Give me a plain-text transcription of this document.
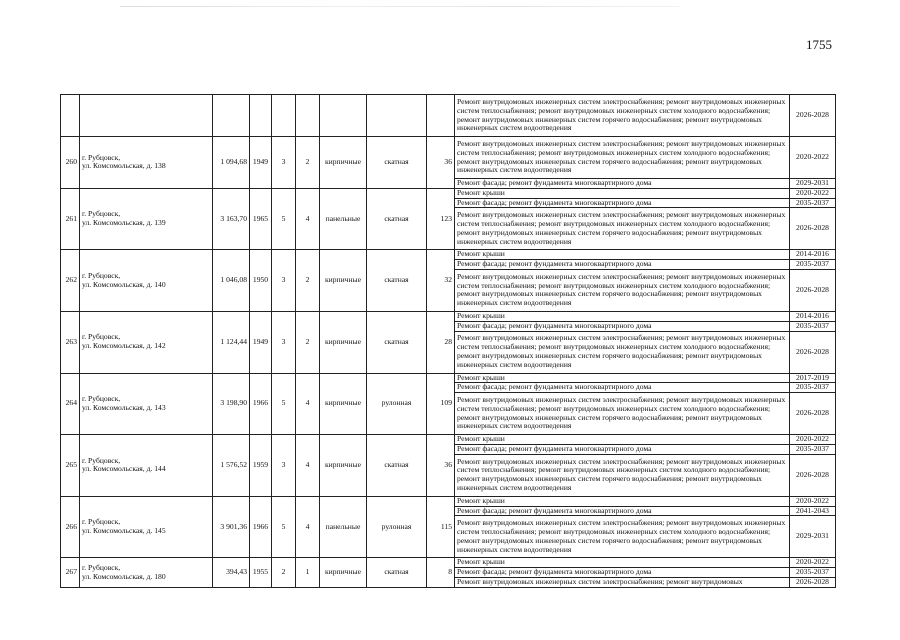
1755

								Ремонт внутридомовых инженерных систем электроснабжения; ремонт внутридомовых инженерных систем теплоснабжения; ремонт внутридомовых инженерных систем холодного водоснабжения; ремонт внутридомовых инженерных систем горячего водоснабжения; ремонт внутридомовых инженерных систем водоотведения	2026-2028
260	г. Рубцовск,
ул. Комсомольская, д. 138	1 094,68	1949	3	2	кирпичные	скатная	36	Ремонт внутридомовых инженерных систем электроснабжения; ремонт внутридомовых инженерных систем теплоснабжения; ремонт внутридомовых инженерных систем холодного водоснабжения; ремонт внутридомовых инженерных систем горячего водоснабжения; ремонт внутридомовых инженерных систем водоотведения	2020-2022
									Ремонт фасада; ремонт фундамента многоквартирного дома	2029-2031
261	г. Рубцовск,
ул. Комсомольская, д. 139	3 163,70	1965	5	4	панельные	скатная	123	Ремонт крыши	2020-2022
									Ремонт фасада; ремонт фундамента многоквартирного дома	2035-2037
									Ремонт внутридомовых инженерных систем электроснабжения; ремонт внутридомовых инженерных систем теплоснабжения; ремонт внутридомовых инженерных систем холодного водоснабжения; ремонт внутридомовых инженерных систем горячего водоснабжения; ремонт внутридомовых инженерных систем водоотведения	2026-2028
262	г. Рубцовск,
ул. Комсомольская, д. 140	1 046,08	1950	3	2	кирпичные	скатная	32	Ремонт крыши	2014-2016
									Ремонт фасада; ремонт фундамента многоквартирного дома	2035-2037
									Ремонт внутридомовых инженерных систем электроснабжения; ремонт внутридомовых инженерных систем теплоснабжения; ремонт внутридомовых инженерных систем холодного водоснабжения; ремонт внутридомовых инженерных систем горячего водоснабжения; ремонт внутридомовых инженерных систем водоотведения	2026-2028
263	г. Рубцовск,
ул. Комсомольская, д. 142	1 124,44	1949	3	2	кирпичные	скатная	28	Ремонт крыши	2014-2016
									Ремонт фасада; ремонт фундамента многоквартирного дома	2035-2037
									Ремонт внутридомовых инженерных систем электроснабжения; ремонт внутридомовых инженерных систем теплоснабжения; ремонт внутридомовых инженерных систем холодного водоснабжения; ремонт внутридомовых инженерных систем горячего водоснабжения; ремонт внутридомовых инженерных систем водоотведения	2026-2028
264	г. Рубцовск,
ул. Комсомольская, д. 143	3 198,90	1966	5	4	кирпичные	рулонная	109	Ремонт крыши	2017-2019
									Ремонт фасада; ремонт фундамента многоквартирного дома	2035-2037
									Ремонт внутридомовых инженерных систем электроснабжения; ремонт внутридомовых инженерных систем теплоснабжения; ремонт внутридомовых инженерных систем холодного водоснабжения; ремонт внутридомовых инженерных систем горячего водоснабжения; ремонт внутридомовых инженерных систем водоотведения	2026-2028
265	г. Рубцовск,
ул. Комсомольская, д. 144	1 576,52	1959	3	4	кирпичные	скатная	36	Ремонт крыши	2020-2022
									Ремонт фасада; ремонт фундамента многоквартирного дома	2035-2037
									Ремонт внутридомовых инженерных систем электроснабжения; ремонт внутридомовых инженерных систем теплоснабжения; ремонт внутридомовых инженерных систем холодного водоснабжения; ремонт внутридомовых инженерных систем горячего водоснабжения; ремонт внутридомовых инженерных систем водоотведения	2026-2028
266	г. Рубцовск,
ул. Комсомольская, д. 145	3 901,36	1966	5	4	панельные	рулонная	115	Ремонт крыши	2020-2022
									Ремонт фасада; ремонт фундамента многоквартирного дома	2041-2043
									Ремонт внутридомовых инженерных систем электроснабжения; ремонт внутридомовых инженерных систем теплоснабжения; ремонт внутридомовых инженерных систем холодного водоснабжения; ремонт внутридомовых инженерных систем горячего водоснабжения; ремонт внутридомовых инженерных систем водоотведения	2029-2031
267	г. Рубцовск,
ул. Комсомольская, д. 180	394,43	1955	2	1	кирпичные	скатная	8	Ремонт крыши	2020-2022
									Ремонт фасада; ремонт фундамента многоквартирного дома	2035-2037
									Ремонт внутридомовых инженерных систем электроснабжения; ремонт внутридомовых	2026-2028
